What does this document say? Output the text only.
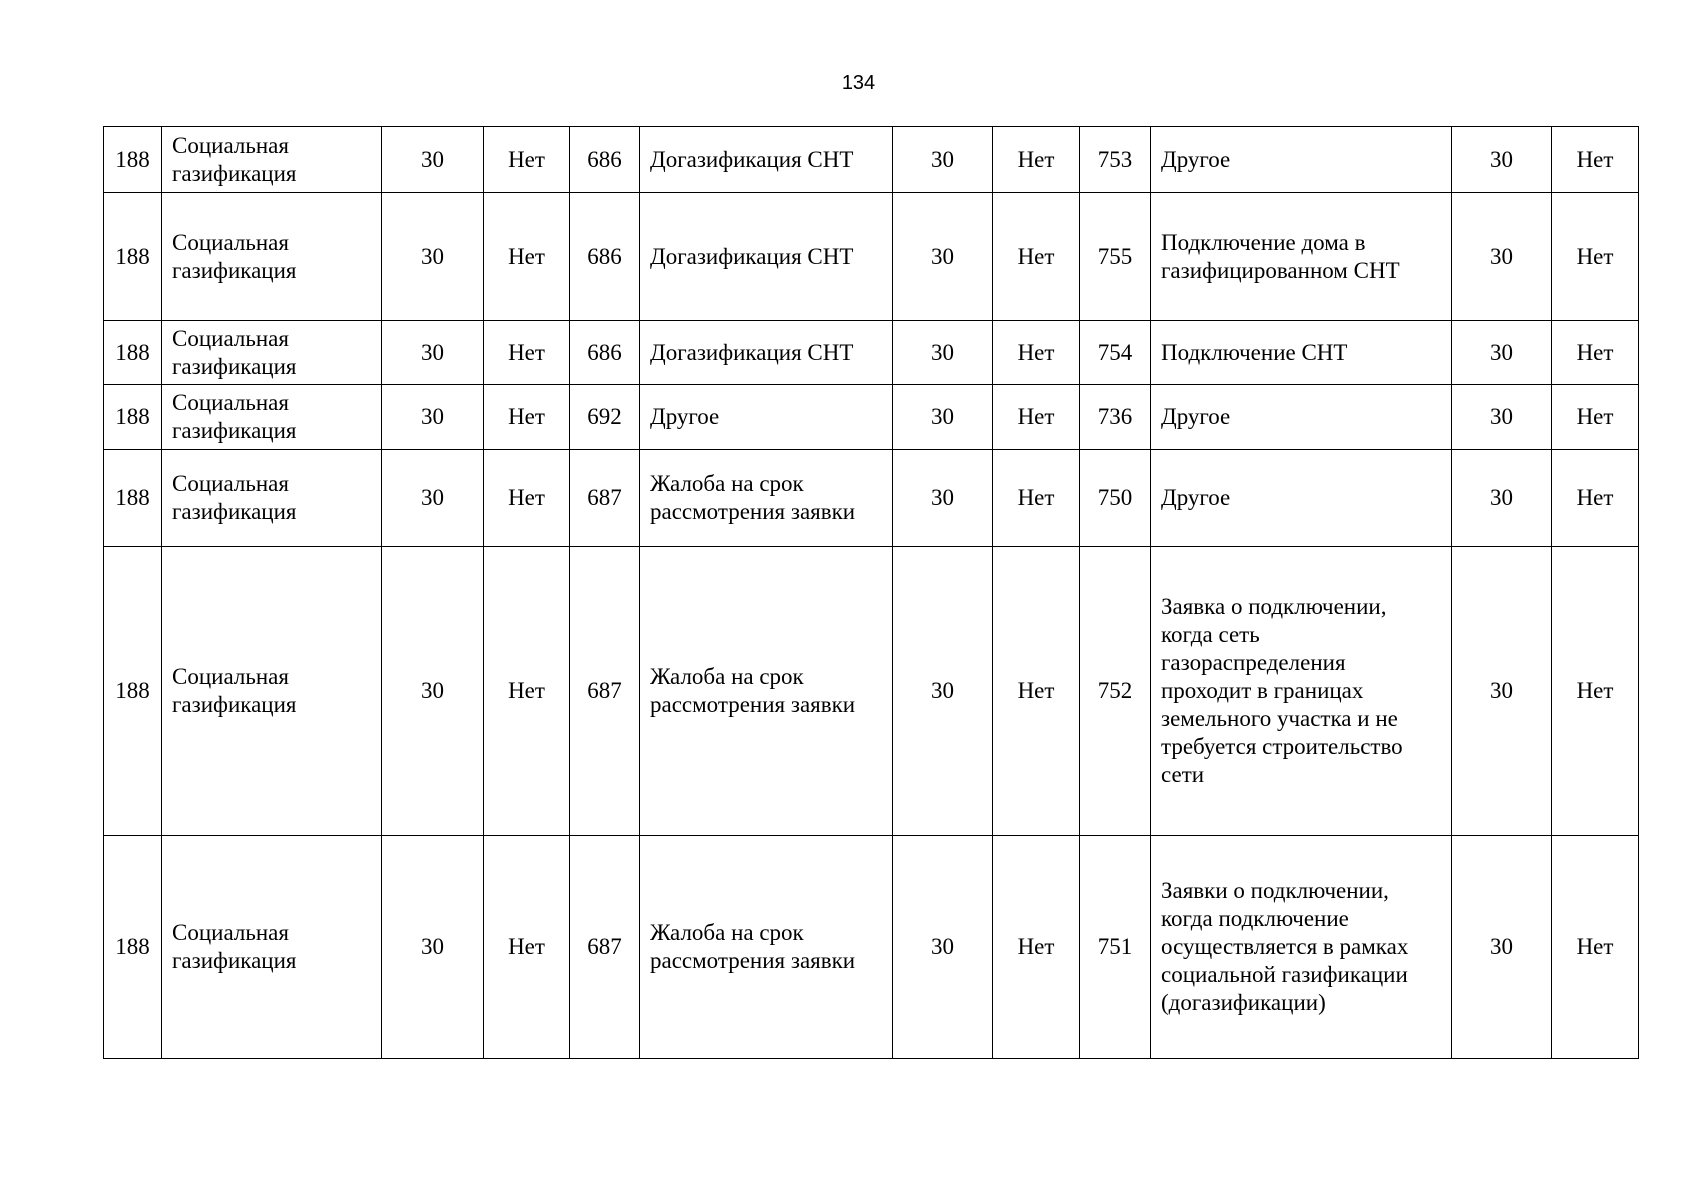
134
188	Социальная газификация	30	Нет	686	Догазификация СНТ	30	Нет	753	Другое	30	Нет
188	Социальная газификация	30	Нет	686	Догазификация СНТ	30	Нет	755	Подключение дома в газифицированном СНТ	30	Нет
188	Социальная газификация	30	Нет	686	Догазификация СНТ	30	Нет	754	Подключение СНТ	30	Нет
188	Социальная газификация	30	Нет	692	Другое	30	Нет	736	Другое	30	Нет
188	Социальная газификация	30	Нет	687	Жалоба на срок рассмотрения заявки	30	Нет	750	Другое	30	Нет
188	Социальная газификация	30	Нет	687	Жалоба на срок рассмотрения заявки	30	Нет	752	Заявка о подключении, когда сеть газораспределения проходит в границах земельного участка и не требуется строительство сети	30	Нет
188	Социальная газификация	30	Нет	687	Жалоба на срок рассмотрения заявки	30	Нет	751	Заявки о подключении, когда подключение осуществляется в рамках социальной газификации (догазификации)	30	Нет
